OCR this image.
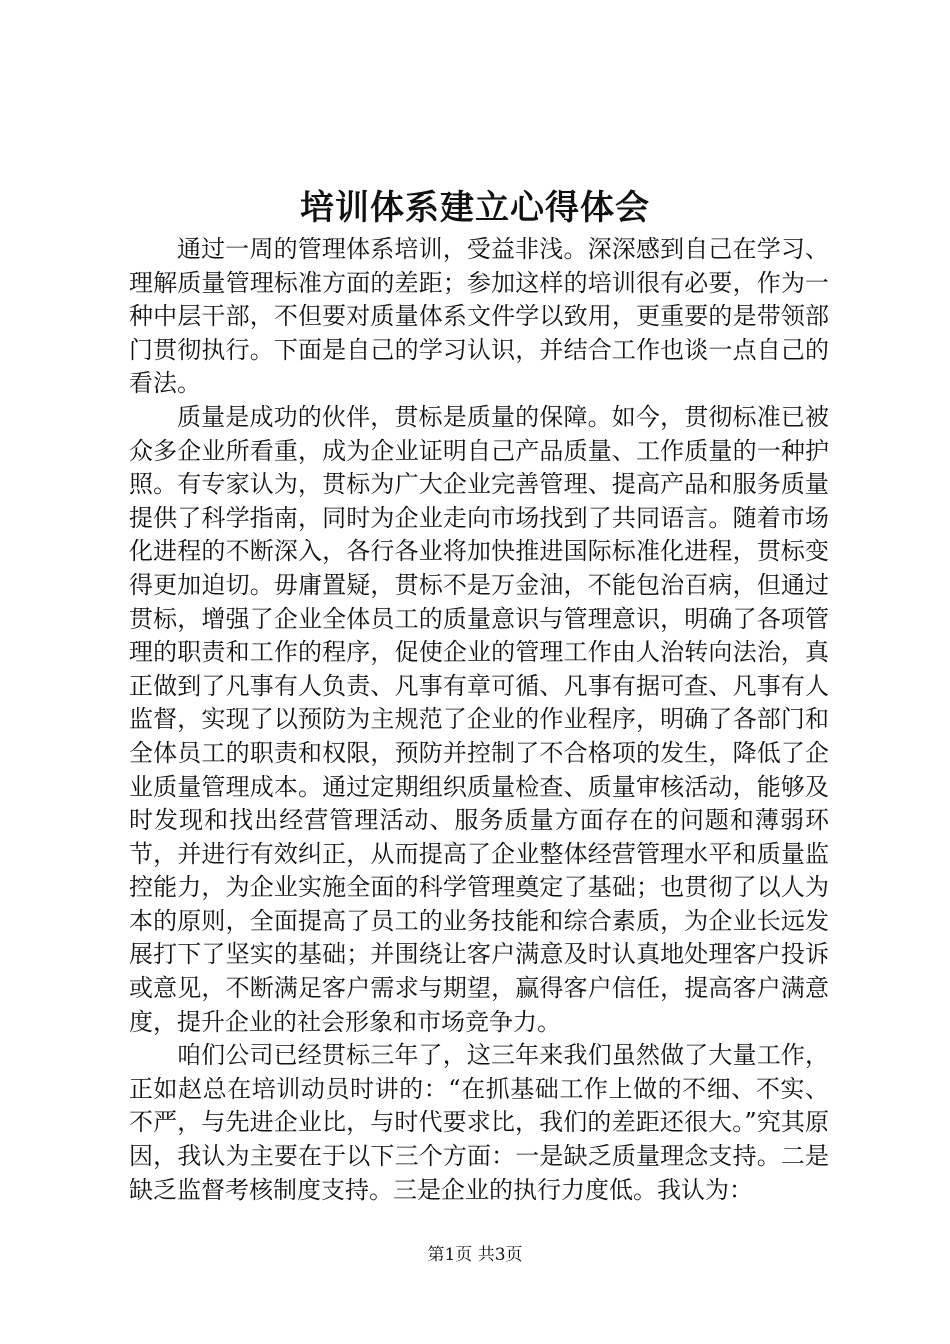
培训体系建立心得体会

通过一周的管理体系培训，受益非浅。深深感到自己在学习、理解质量管理标准方面的差距；参加这样的培训很有必要，作为一种中层干部，不但要对质量体系文件学以致用，更重要的是带领部门贯彻执行。下面是自己的学习认识，并结合工作也谈一点自己的看法。

质量是成功的伙伴，贯标是质量的保障。如今，贯彻标准已被众多企业所看重，成为企业证明自己产品质量、工作质量的一种护照。有专家认为，贯标为广大企业完善管理、提高产品和服务质量提供了科学指南，同时为企业走向市场找到了共同语言。随着市场化进程的不断深入，各行各业将加快推进国际标准化进程，贯标变得更加迫切。毋庸置疑，贯标不是万金油，不能包治百病，但通过贯标，增强了企业全体员工的质量意识与管理意识，明确了各项管理的职责和工作的程序，促使企业的管理工作由人治转向法治，真正做到了凡事有人负责、凡事有章可循、凡事有据可查、凡事有人监督，实现了以预防为主规范了企业的作业程序，明确了各部门和全体员工的职责和权限，预防并控制了不合格项的发生，降低了企业质量管理成本。通过定期组织质量检查、质量审核活动，能够及时发现和找出经营管理活动、服务质量方面存在的问题和薄弱环节，并进行有效纠正，从而提高了企业整体经营管理水平和质量监控能力，为企业实施全面的科学管理奠定了基础；也贯彻了以人为本的原则，全面提高了员工的业务技能和综合素质，为企业长远发展打下了坚实的基础；并围绕让客户满意及时认真地处理客户投诉或意见，不断满足客户需求与期望，赢得客户信任，提高客户满意度，提升企业的社会形象和市场竞争力。

咱们公司已经贯标三年了，这三年来我们虽然做了大量工作，正如赵总在培训动员时讲的：“在抓基础工作上做的不细、不实、不严，与先进企业比，与时代要求比，我们的差距还很大。”究其原因，我认为主要在于以下三个方面：一是缺乏质量理念支持。二是缺乏监督考核制度支持。三是企业的执行力度低。我认为：

第1页 共3页
